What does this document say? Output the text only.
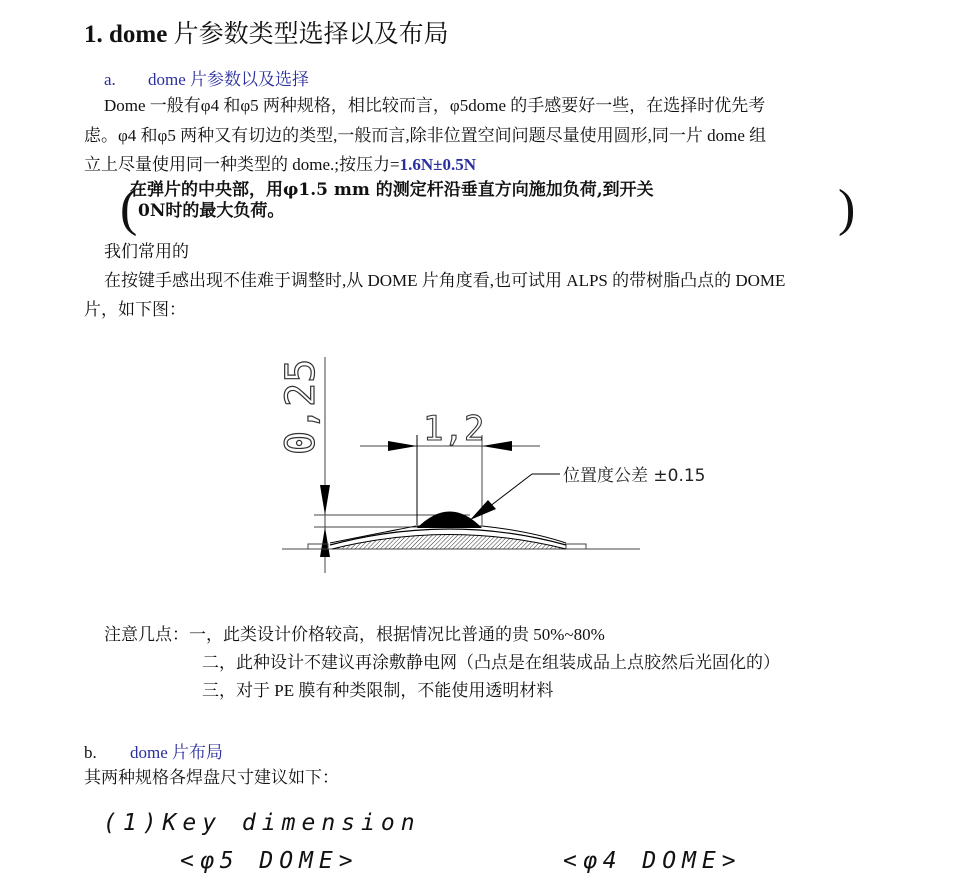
1. dome 片参数类型选择以及布局
a. dome 片参数以及选择
Dome 一般有φ4 和φ5 两种规格，相比较而言，φ5dome 的手感要好一些，在选择时优先考
虑。φ4 和φ5 两种又有切边的类型,一般而言,除非位置空间问题尽量使用圆形,同一片 dome 组
立上尽量使用同一种类型的 dome.;按压力=1.6N±0.5N
(
在弹片的中央部，用φ1.5 mm 的测定杆沿垂直方向施加负荷,到开关
0N时的最大负荷。	)
我们常用的
在按键手感出现不佳难于调整时,从 DOME 片角度看,也可试用 ALPS 的带树脂凸点的 DOME
片，如下图：
0,25	1,2
位置度公差 ±0.15
注意几点：一，此类设计价格较高，根据情况比普通的贵 50%~80%
二，此种设计不建议再涂敷静电网（凸点是在组装成品上点胶然后光固化的）
三，对于 PE 膜有种类限制，不能使用透明材料
b. dome 片布局
其两种规格各焊盘尺寸建议如下：
(1)Key dimension
<φ5 DOME>	<φ4 DOME>
